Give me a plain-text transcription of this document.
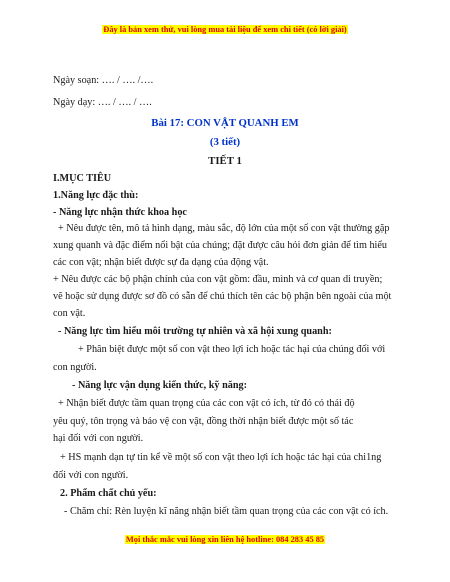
Đây là bản xem thử, vui lòng mua tài liệu để xem chi tiết (có lời giải)
Ngày soạn: …. / …. /….
Ngày dạy: …. / …. / ….
Bài 17: CON VẬT QUANH EM
(3 tiết)
TIẾT 1
I.MỤC TIÊU
1.Năng lực đặc thù:
- Năng lực nhận thức khoa học
+ Nêu được tên, mô tả hình dạng, màu sắc, độ lớn của một số con vật thường gặp
xung quanh và đặc điểm nổi bật của chúng; đặt được câu hỏi đơn giản để tìm hiểu
các con vật; nhận biết được sự đa dạng của động vật.
+ Nêu được các bộ phận chính của con vật gồm: đầu, mình và cơ quan di truyền;
vẽ hoặc sử dụng được sơ đồ có sẵn để chú thích tên các bộ phận bên ngoài của một
con vật.
- Năng lực tìm hiểu môi trường tự nhiên và xã hội xung quanh:
+ Phân biệt được một số con vật theo lợi ích hoặc tác hại của chúng đối với
con người.
- Năng lực vận dụng kiến thức, kỹ năng:
+ Nhận biết được tầm quan trọng của các con vật có ích, từ đó có thái độ
yêu quý, tôn trọng và bảo vệ con vật, đồng thời nhận biết được một số tác
hại đối với con người.
+ HS mạnh dạn tự tin kể về một số con vật theo lợi ích hoặc tác hại của chi1ng
đối với con người.
2. Phẩm chất chủ yếu:
- Chăm chỉ: Rèn luyện kĩ năng nhận biết tầm quan trọng của các con vật có ích.
Mọi thắc mắc vui lòng xin liên hệ hotline: 084 283 45 85
